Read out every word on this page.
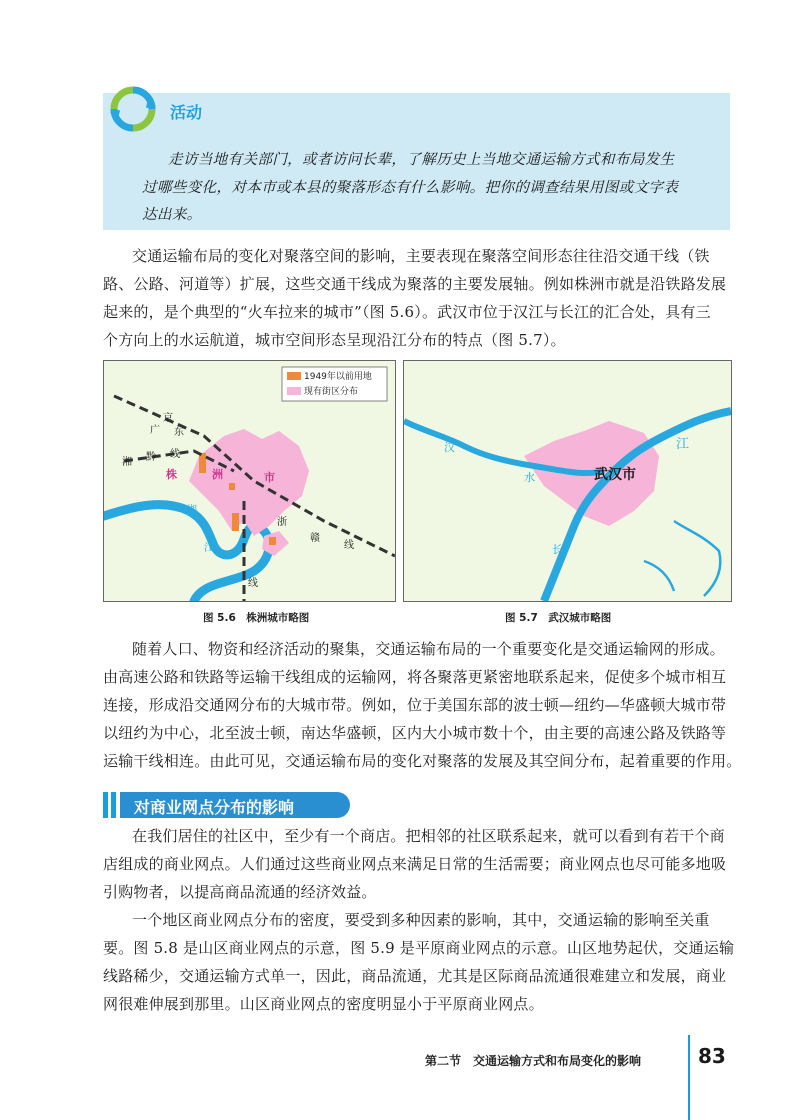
活动
走访当地有关部门，或者访问长辈，了解历史上当地交通运输方式和布局发生
过哪些变化，对本市或本县的聚落形态有什么影响。把你的调查结果用图或文字表
达出来。
交通运输布局的变化对聚落空间的影响，主要表现在聚落空间形态往往沿交通干线（铁
路、公路、河道等）扩展，这些交通干线成为聚落的主要发展轴。例如株洲市就是沿铁路发展
起来的，是个典型的“火车拉来的城市”（图 5.6）。武汉市位于汉江与长江的汇合处，具有三
个方向上的水运航道，城市空间形态呈现沿江分布的特点（图 5.7）。
1949年以前用地
现有街区分布
湘 黔 线
京
广 东
株	洲	市
浙
赣
线
湘
江
线
图 5.6　株洲城市略图
汉
水
长
江
武汉市
图 5.7　武汉城市略图
随着人口、物资和经济活动的聚集，交通运输布局的一个重要变化是交通运输网的形成。
由高速公路和铁路等运输干线组成的运输网，将各聚落更紧密地联系起来，促使多个城市相互
连接，形成沿交通网分布的大城市带。例如，位于美国东部的波士顿—纽约—华盛顿大城市带
以纽约为中心，北至波士顿，南达华盛顿，区内大小城市数十个，由主要的高速公路及铁路等
运输干线相连。由此可见，交通运输布局的变化对聚落的发展及其空间分布，起着重要的作用。
对商业网点分布的影响
在我们居住的社区中，至少有一个商店。把相邻的社区联系起来，就可以看到有若干个商
店组成的商业网点。人们通过这些商业网点来满足日常的生活需要；商业网点也尽可能多地吸
引购物者，以提高商品流通的经济效益。
一个地区商业网点分布的密度，要受到多种因素的影响，其中，交通运输的影响至关重
要。图 5.8 是山区商业网点的示意，图 5.9 是平原商业网点的示意。山区地势起伏，交通运输
线路稀少，交通运输方式单一，因此，商品流通，尤其是区际商品流通很难建立和发展，商业
网很难伸展到那里。山区商业网点的密度明显小于平原商业网点。
第二节　交通运输方式和布局变化的影响	83
